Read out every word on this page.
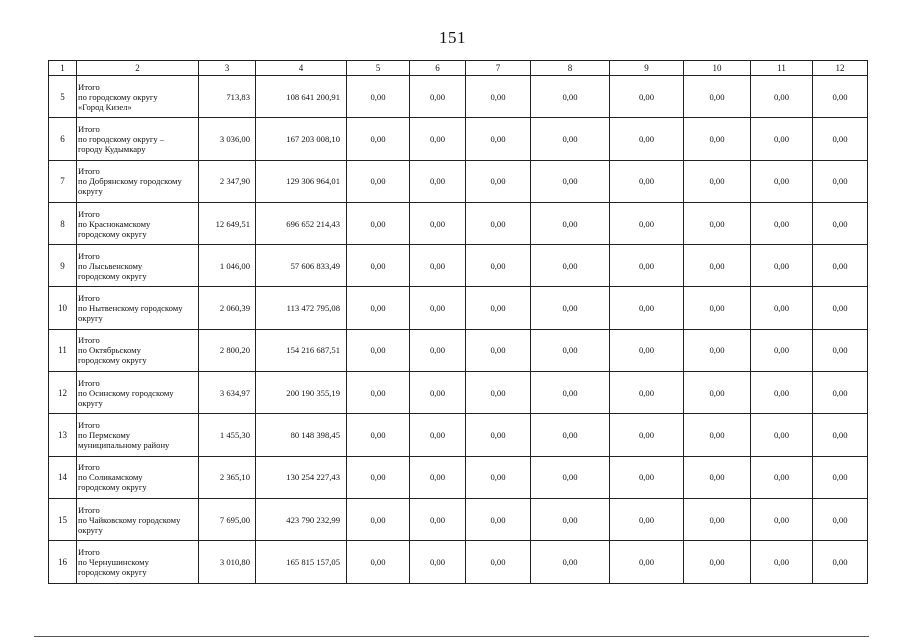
151
1	2	3	4	5	6	7	8	9	10	11	12
5	Итого
по городскому округу
«Город Кизел»	713,83	108 641 200,91	0,00	0,00	0,00	0,00	0,00	0,00	0,00	0,00
6	Итого
по городскому округу –
городу Кудымкару	3 036,00	167 203 008,10	0,00	0,00	0,00	0,00	0,00	0,00	0,00	0,00
7	Итого
по Добрянскому городскому
округу	2 347,90	129 306 964,01	0,00	0,00	0,00	0,00	0,00	0,00	0,00	0,00
8	Итого
по Краснокамскому
городскому округу	12 649,51	696 652 214,43	0,00	0,00	0,00	0,00	0,00	0,00	0,00	0,00
9	Итого
по Лысьвенскому
городскому округу	1 046,00	57 606 833,49	0,00	0,00	0,00	0,00	0,00	0,00	0,00	0,00
10	Итого
по Нытвенскому городскому
округу	2 060,39	113 472 795,08	0,00	0,00	0,00	0,00	0,00	0,00	0,00	0,00
11	Итого
по Октябрьскому
городскому округу	2 800,20	154 216 687,51	0,00	0,00	0,00	0,00	0,00	0,00	0,00	0,00
12	Итого
по Осинскому городскому
округу	3 634,97	200 190 355,19	0,00	0,00	0,00	0,00	0,00	0,00	0,00	0,00
13	Итого
по Пермскому
муниципальному району	1 455,30	80 148 398,45	0,00	0,00	0,00	0,00	0,00	0,00	0,00	0,00
14	Итого
по Соликамскому
городскому округу	2 365,10	130 254 227,43	0,00	0,00	0,00	0,00	0,00	0,00	0,00	0,00
15	Итого
по Чайковскому городскому
округу	7 695,00	423 790 232,99	0,00	0,00	0,00	0,00	0,00	0,00	0,00	0,00
16	Итого
по Чернушинскому
городскому округу	3 010,80	165 815 157,05	0,00	0,00	0,00	0,00	0,00	0,00	0,00	0,00
